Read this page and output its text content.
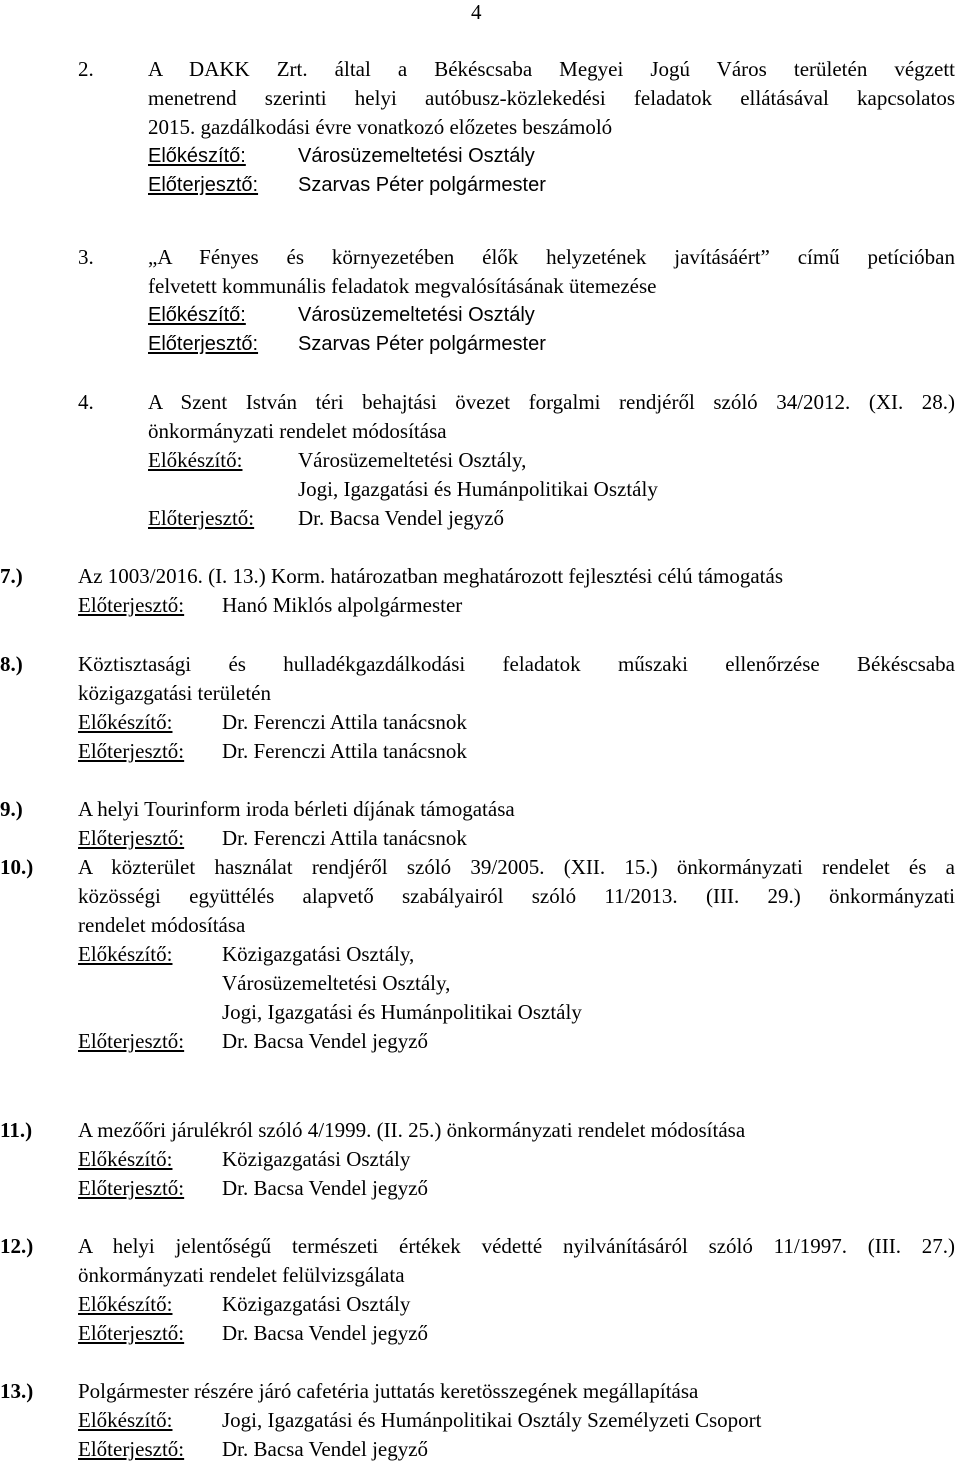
4
2.	A DAKK Zrt. által a Békéscsaba Megyei Jogú Város területén végzett
menetrend szerinti helyi autóbusz-közlekedési feladatok ellátásával kapcsolatos
2015. gazdálkodási évre vonatkozó előzetes beszámoló
Előkészítő:	Városüzemeltetési Osztály
Előterjesztő: Szarvas Péter polgármester
3.	„A Fényes és környezetében élők helyzetének javításáért” című petícióban
felvetett kommunális feladatok megvalósításának ütemezése
Előkészítő:	Városüzemeltetési Osztály
Előterjesztő: Szarvas Péter polgármester
4.	A Szent István téri behajtási övezet forgalmi rendjéről szóló 34/2012. (XI. 28.)
önkormányzati rendelet módosítása
Előkészítő:	Városüzemeltetési Osztály,
Jogi, Igazgatási és Humánpolitikai Osztály
Előterjesztő: Dr. Bacsa Vendel jegyző
7.)	Az 1003/2016. (I. 13.) Korm. határozatban meghatározott fejlesztési célú támogatás
Előterjesztő: Hanó Miklós alpolgármester
8.)	Köztisztasági és hulladékgazdálkodási feladatok műszaki ellenőrzése Békéscsaba
közigazgatási területén
Előkészítő: Dr. Ferenczi Attila tanácsnok
Előterjesztő: Dr. Ferenczi Attila tanácsnok
9.)	A helyi Tourinform iroda bérleti díjának támogatása
Előterjesztő: Dr. Ferenczi Attila tanácsnok
10.) A közterület használat rendjéről szóló 39/2005. (XII. 15.) önkormányzati rendelet és a
közösségi együttélés alapvető szabályairól szóló 11/2013. (III. 29.) önkormányzati
rendelet módosítása
Előkészítő: Közigazgatási Osztály,
Városüzemeltetési Osztály,
Jogi, Igazgatási és Humánpolitikai Osztály
Előterjesztő: Dr. Bacsa Vendel jegyző
11.) A mezőőri járulékról szóló 4/1999. (II. 25.) önkormányzati rendelet módosítása
Előkészítő: Közigazgatási Osztály
Előterjesztő: Dr. Bacsa Vendel jegyző
12.) A helyi jelentőségű természeti értékek védetté nyilvánításáról szóló 11/1997. (III. 27.)
önkormányzati rendelet felülvizsgálata
Előkészítő: Közigazgatási Osztály
Előterjesztő: Dr. Bacsa Vendel jegyző
13.) Polgármester részére járó cafetéria juttatás keretösszegének megállapítása
Előkészítő: Jogi, Igazgatási és Humánpolitikai Osztály Személyzeti Csoport
Előterjesztő: Dr. Bacsa Vendel jegyző
